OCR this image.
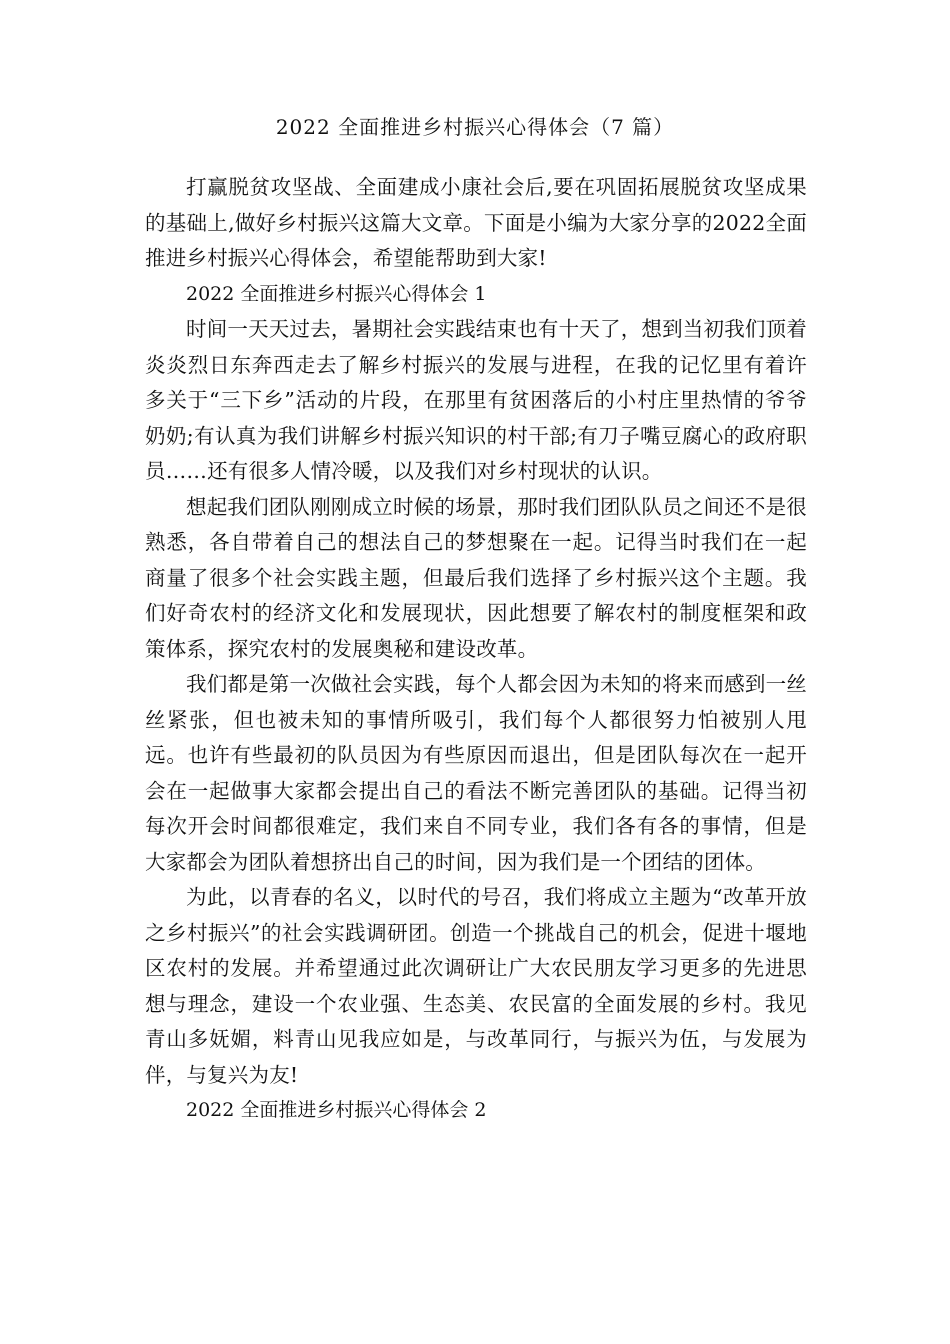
2022 全面推进乡村振兴心得体会（7 篇）

打赢脱贫攻坚战、全面建成小康社会后,要在巩固拓展脱贫攻坚成果的基础上,做好乡村振兴这篇大文章。下面是小编为大家分享的2022全面推进乡村振兴心得体会，希望能帮助到大家!

2022 全面推进乡村振兴心得体会 1

时间一天天过去，暑期社会实践结束也有十天了，想到当初我们顶着炎炎烈日东奔西走去了解乡村振兴的发展与进程，在我的记忆里有着许多关于“三下乡”活动的片段，在那里有贫困落后的小村庄里热情的爷爷奶奶;有认真为我们讲解乡村振兴知识的村干部;有刀子嘴豆腐心的政府职员……还有很多人情冷暖，以及我们对乡村现状的认识。

想起我们团队刚刚成立时候的场景，那时我们团队队员之间还不是很熟悉，各自带着自己的想法自己的梦想聚在一起。记得当时我们在一起商量了很多个社会实践主题，但最后我们选择了乡村振兴这个主题。我们好奇农村的经济文化和发展现状，因此想要了解农村的制度框架和政策体系，探究农村的发展奥秘和建设改革。

我们都是第一次做社会实践，每个人都会因为未知的将来而感到一丝丝紧张，但也被未知的事情所吸引，我们每个人都很努力怕被别人甩远。也许有些最初的队员因为有些原因而退出，但是团队每次在一起开会在一起做事大家都会提出自己的看法不断完善团队的基础。记得当初每次开会时间都很难定，我们来自不同专业，我们各有各的事情，但是大家都会为团队着想挤出自己的时间，因为我们是一个团结的团体。

为此，以青春的名义，以时代的号召，我们将成立主题为“改革开放之乡村振兴”的社会实践调研团。创造一个挑战自己的机会，促进十堰地区农村的发展。并希望通过此次调研让广大农民朋友学习更多的先进思想与理念，建设一个农业强、生态美、农民富的全面发展的乡村。我见青山多妩媚，料青山见我应如是，与改革同行，与振兴为伍，与发展为伴，与复兴为友!

2022 全面推进乡村振兴心得体会 2
